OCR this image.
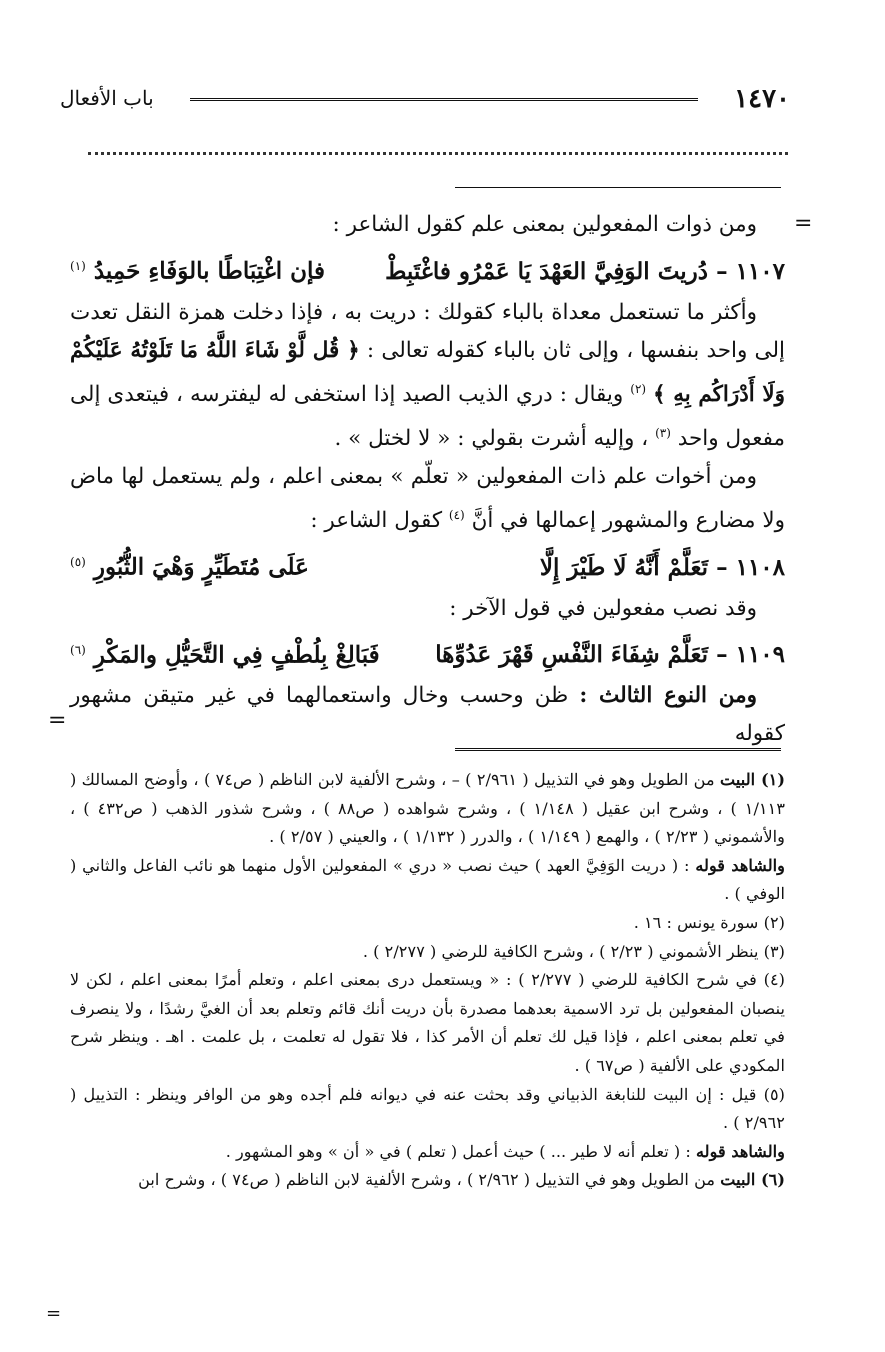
١٤٧٠
باب الأفعال
=
=

ومن ذوات المفعولين بمعنى علم كقول الشاعر :

١١٠٧ – دُريتَ الوَفِيَّ العَهْدَ يَا عَمْرُو فاغْتَبِطْ
فإن اغْتِبَاطًا بالوَفَاءِ حَمِيدُ $^{(١)}$

وأكثر ما تستعمل معداة بالباء كقولك : دريت به ، فإذا دخلت همزة النقل تعدت إلى واحد بنفسها ، وإلى ثان بالباء كقوله تعالى : ﴿ قُل لَّوْ شَاءَ اللَّهُ مَا تَلَوْتُهُ عَلَيْكُمْ وَلَا أَدْرَاكُم بِهِ ﴾ $^{(٢)}$ ويقال : دري الذيب الصيد إذا استخفى له ليفترسه ، فيتعدى إلى مفعول واحد $^{(٣)}$ ، وإليه أشرت بقولي : « لا لختل » .

ومن أخوات علم ذات المفعولين « تعلّم » بمعنى اعلم ، ولم يستعمل لها ماض ولا مضارع والمشهور إعمالها في أنَّ $^{(٤)}$ كقول الشاعر :

١١٠٨ – تَعَلَّمْ أَنَّهُ لَا طَيْرَ إِلَّا
عَلَى مُتَطَيِّرٍ وَهْيَ الثُّبُورِ $^{(٥)}$

وقد نصب مفعولين في قول الآخر :

١١٠٩ – تَعَلَّمْ شِفَاءَ النَّفْسِ قَهْرَ عَدُوِّهَا
فَبَالِغْ بِلُطْفٍ فِي التَّحَيُّلِ والمَكْرِ $^{(٦)}$

ومن النوع الثالث : ظن وحسب وخال واستعمالهما في غير متيقن مشهور كقوله

(١) البيت من الطويل وهو في التذييل ( ٢/٩٦١ ) – ، وشرح الألفية لابن الناظم ( ص٧٤ ) ، وأوضح المسالك ( ١/١١٣ ) ، وشرح ابن عقيل ( ١/١٤٨ ) ، وشرح شواهده ( ص٨٨ ) ، وشرح شذور الذهب ( ص٤٣٢ ) ، والأشموني ( ٢/٢٣ ) ، والهمع ( ١/١٤٩ ) ، والدرر ( ١/١٣٢ ) ، والعيني ( ٢/٥٧ ) .

والشاهد قوله : ( دريت الوَفِيَّ العهد ) حيث نصب « دري » المفعولين الأول منهما هو نائب الفاعل والثاني ( الوفي ) .

(٢) سورة يونس : ١٦ .

(٣) ينظر الأشموني ( ٢/٢٣ ) ، وشرح الكافية للرضي ( ٢/٢٧٧ ) .

(٤) في شرح الكافية للرضي ( ٢/٢٧٧ ) : « ويستعمل درى بمعنى اعلم ، وتعلم أمرًا بمعنى اعلم ، لكن لا ينصبان المفعولين بل ترد الاسمية بعدهما مصدرة بأن دريت أنك قائم وتعلم بعد أن الغيَّ رشدًا ، ولا ينصرف في تعلم بمعنى اعلم ، فإذا قيل لك تعلم أن الأمر كذا ، فلا تقول له تعلمت ، بل علمت . اهـ . وينظر شرح المكودي على الألفية ( ص٦٧ ) .

(٥) قيل : إن البيت للنابغة الذبياني وقد بحثت عنه في ديوانه فلم أجده وهو من الوافر وينظر : التذييل ( ٢/٩٦٢ ) .

والشاهد قوله : ( تعلم أنه لا طير ... ) حيث أعمل ( تعلم ) في « أن » وهو المشهور .

(٦) البيت من الطويل وهو في التذييل ( ٢/٩٦٢ ) ، وشرح الألفية لابن الناظم ( ص٧٤ ) ، وشرح ابن

=
